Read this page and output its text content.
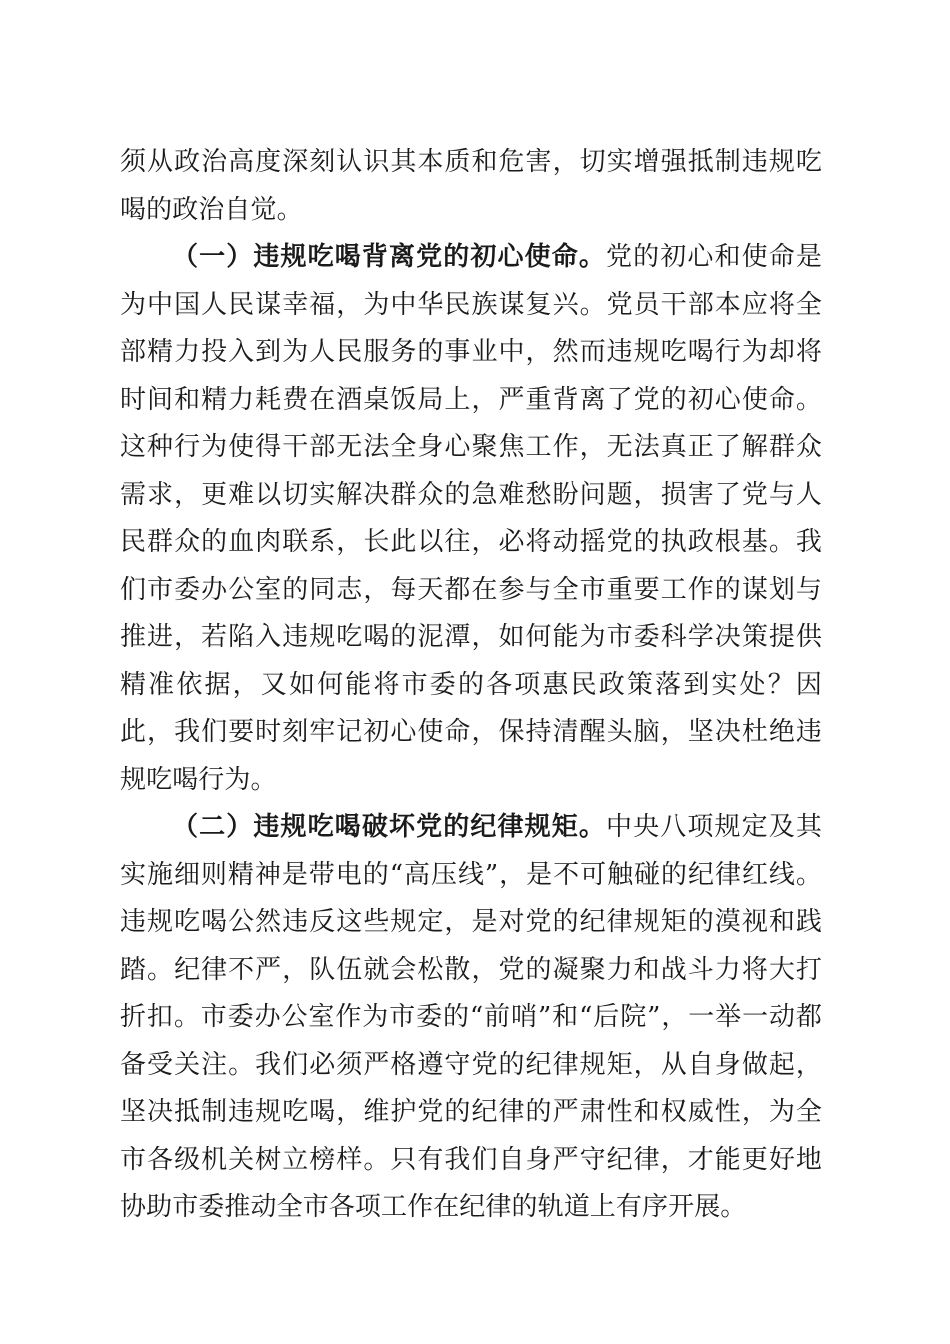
须从政治高度深刻认识其本质和危害，切实增强抵制违规吃喝的政治自觉。

（一）违规吃喝背离党的初心使命。党的初心和使命是为中国人民谋幸福，为中华民族谋复兴。党员干部本应将全部精力投入到为人民服务的事业中，然而违规吃喝行为却将时间和精力耗费在酒桌饭局上，严重背离了党的初心使命。这种行为使得干部无法全身心聚焦工作，无法真正了解群众需求，更难以切实解决群众的急难愁盼问题，损害了党与人民群众的血肉联系，长此以往，必将动摇党的执政根基。我们市委办公室的同志，每天都在参与全市重要工作的谋划与推进，若陷入违规吃喝的泥潭，如何能为市委科学决策提供精准依据，又如何能将市委的各项惠民政策落到实处？因此，我们要时刻牢记初心使命，保持清醒头脑，坚决杜绝违规吃喝行为。

（二）违规吃喝破坏党的纪律规矩。中央八项规定及其实施细则精神是带电的“高压线”，是不可触碰的纪律红线。违规吃喝公然违反这些规定，是对党的纪律规矩的漠视和践踏。纪律不严，队伍就会松散，党的凝聚力和战斗力将大打折扣。市委办公室作为市委的“前哨”和“后院”，一举一动都备受关注。我们必须严格遵守党的纪律规矩，从自身做起，坚决抵制违规吃喝，维护党的纪律的严肃性和权威性，为全市各级机关树立榜样。只有我们自身严守纪律，才能更好地协助市委推动全市各项工作在纪律的轨道上有序开展。
